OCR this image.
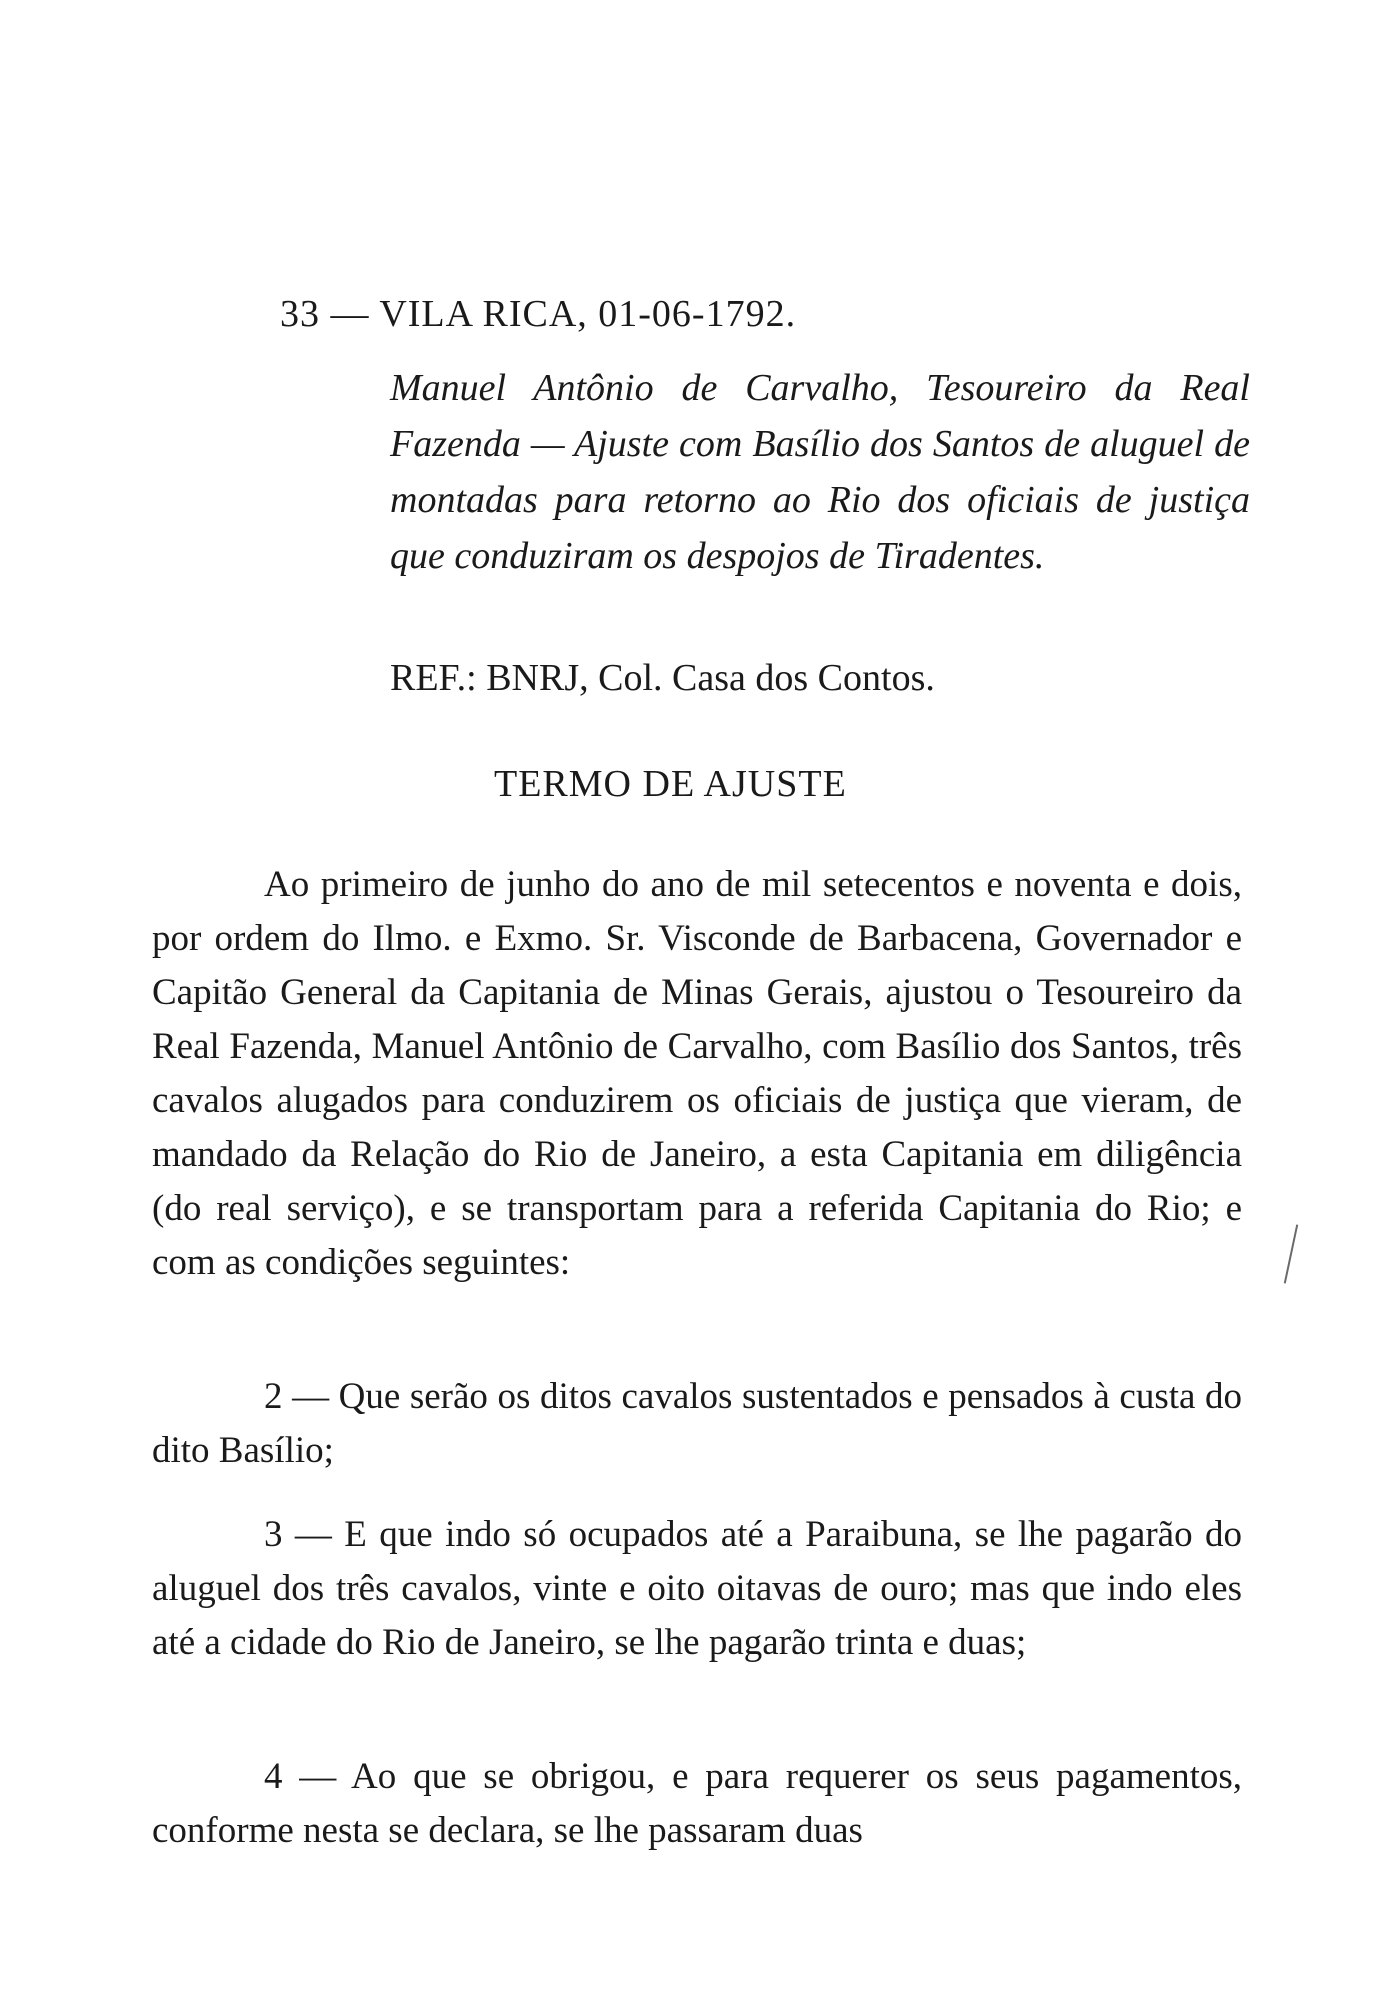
33 — VILA RICA, 01-06-1792.
Manuel Antônio de Carvalho, Tesoureiro da Real Fazenda — Ajuste com Basílio dos Santos de aluguel de montadas para retorno ao Rio dos oficiais de justiça que conduziram os despojos de Tiradentes.
REF.: BNRJ, Col. Casa dos Contos.
TERMO DE AJUSTE
Ao primeiro de junho do ano de mil setecentos e noventa e dois, por ordem do Ilmo. e Exmo. Sr. Visconde de Barbacena, Governador e Capitão General da Capitania de Minas Gerais, ajustou o Tesoureiro da Real Fazenda, Manuel Antônio de Carvalho, com Basílio dos Santos, três cavalos alugados para conduzirem os oficiais de justiça que vieram, de mandado da Relação do Rio de Janeiro, a esta Capitania em diligência (do real serviço), e se transportam para a referida Capitania do Rio; e com as condições seguintes:
2 — Que serão os ditos cavalos sustentados e pensados à custa do dito Basílio;
3 — E que indo só ocupados até a Paraibuna, se lhe pagarão do aluguel dos três cavalos, vinte e oito oitavas de ouro; mas que indo eles até a cidade do Rio de Janeiro, se lhe pagarão trinta e duas;
4 — Ao que se obrigou, e para requerer os seus pagamentos, conforme nesta se declara, se lhe passaram duas
